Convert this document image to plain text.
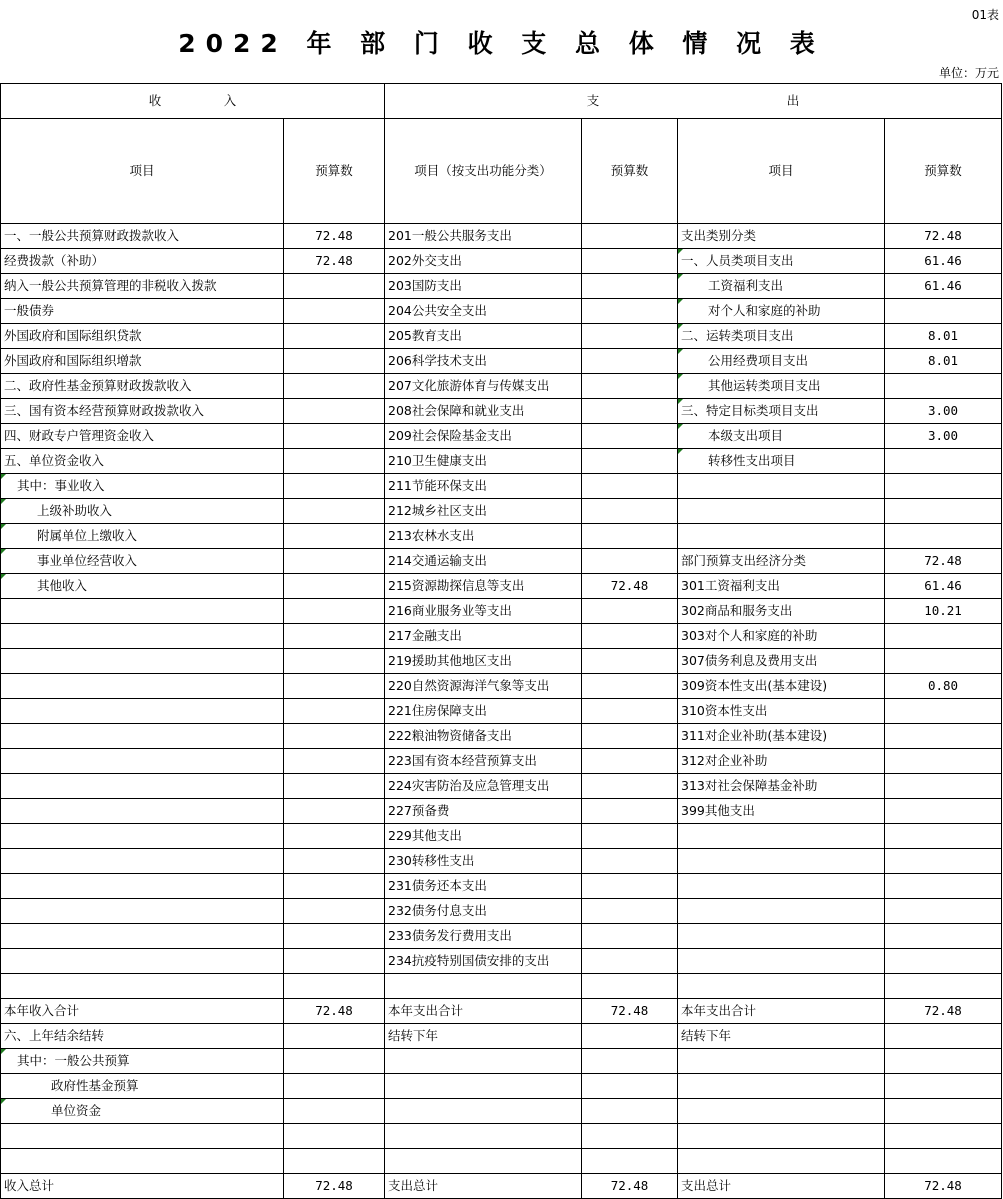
01表
2022 年 部 门 收 支 总 体 情 况 表
单位：万元
收　　　　　入		支　　　　　　　　　　　　　　　出			
项目	预算数	项目（按支出功能分类）	预算数	项目	预算数
一、一般公共预算财政拨款收入	72.48	201一般公共服务支出		支出类别分类	72.48
经费拨款（补助）	72.48	202外交支出		一、人员类项目支出	61.46
纳入一般公共预算管理的非税收入拨款		203国防支出		工资福利支出	61.46
一般债券		204公共安全支出		对个人和家庭的补助	
外国政府和国际组织贷款		205教育支出		二、运转类项目支出	8.01
外国政府和国际组织增款		206科学技术支出		公用经费项目支出	8.01
二、政府性基金预算财政拨款收入		207文化旅游体育与传媒支出		其他运转类项目支出	
三、国有资本经营预算财政拨款收入		208社会保障和就业支出		三、特定目标类项目支出	3.00
四、财政专户管理资金收入		209社会保险基金支出		本级支出项目	3.00
五、单位资金收入		210卫生健康支出		转移性支出项目	
其中：事业收入		211节能环保支出			
上级补助收入		212城乡社区支出			
附属单位上缴收入		213农林水支出			
事业单位经营收入		214交通运输支出		部门预算支出经济分类	72.48
其他收入		215资源勘探信息等支出	72.48	301工资福利支出	61.46
		216商业服务业等支出		302商品和服务支出	10.21
		217金融支出		303对个人和家庭的补助	
		219援助其他地区支出		307债务利息及费用支出	
		220自然资源海洋气象等支出		309资本性支出(基本建设)	0.80
		221住房保障支出		310资本性支出	
		222粮油物资储备支出		311对企业补助(基本建设)	
		223国有资本经营预算支出		312对企业补助	
		224灾害防治及应急管理支出		313对社会保障基金补助	
		227预备费		399其他支出	
		229其他支出			
		230转移性支出			
		231债务还本支出			
		232债务付息支出			
		233债务发行费用支出			
		234抗疫特别国债安排的支出			

本年收入合计	72.48	本年支出合计	72.48	本年支出合计	72.48
六、上年结余结转		结转下年		结转下年	
其中：一般公共预算					
政府性基金预算					
单位资金					

收入总计	72.48	支出总计	72.48	支出总计	72.48
